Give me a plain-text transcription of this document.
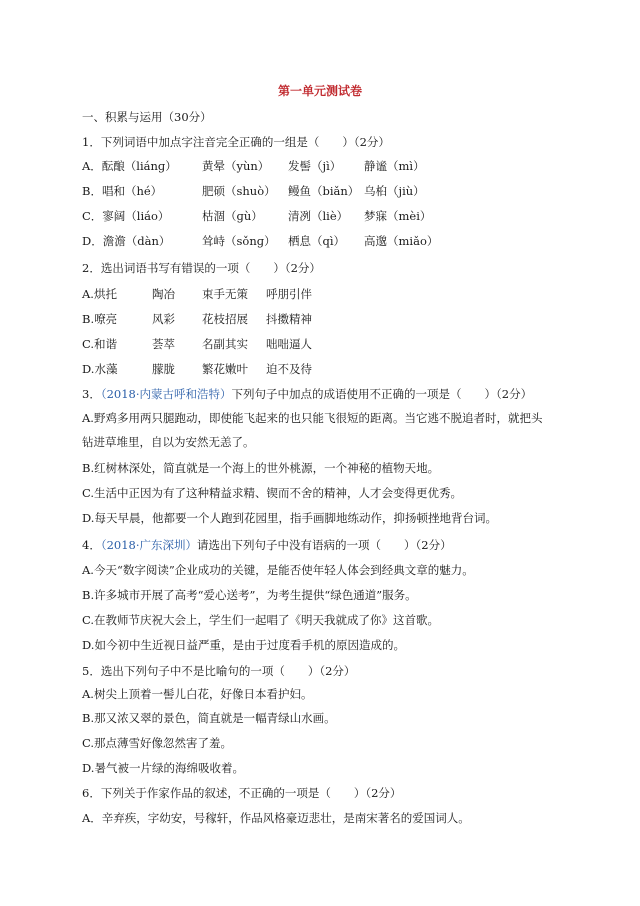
第一单元测试卷
一、积累与运用（30分）
1．下列词语中加点字注音完全正确的一组是（　　）（2分）
A．酝酿（liánɡ） 黄晕（yùn） 发髻（jì） 静谧（mì）
B．唱和（hé）	肥硕（shuò） 鳗鱼（biǎn） 乌桕（jiù）
C．寥阔（liáo）	枯涸（ɡù） 清冽（liè） 梦寐（mèi）
D．澹澹（dàn）	耸峙（sǒnɡ） 栖息（qì） 高邈（miǎo）
2．选出词语书写有错误的一项（　　）（2分）
A.烘托	陶冶 束手无策 呼朋引伴
B.嘹亮	风彩 花枝招展 抖擞精神
C.和谐	荟萃 名副其实 咄咄逼人
D.水藻	朦胧 繁花嫩叶 迫不及待
3．（2018·内蒙古呼和浩特）下列句子中加点的成语使用不正确的一项是（　　）（2分）
A.野鸡多用两只腿跑动，即使能飞起来的也只能飞很短的距离。当它逃不脱追者时，就把头
钻进草堆里，自以为安然无恙了。
B.红树林深处，简直就是一个海上的世外桃源，一个神秘的植物天地。
C.生活中正因为有了这种精益求精、锲而不舍的精神，人才会变得更优秀。
D.每天早晨，他都要一个人跑到花园里，指手画脚地练动作，抑扬顿挫地背台词。
4．（2018·广东深圳）请选出下列句子中没有语病的一项（　　）（2分）
A.今天“数字阅读”企业成功的关键，是能否使年轻人体会到经典文章的魅力。
B.许多城市开展了高考“爱心送考”，为考生提供“绿色通道”服务。
C.在教师节庆祝大会上，学生们一起唱了《明天我就成了你》这首歌。
D.如今初中生近视日益严重，是由于过度看手机的原因造成的。
5．选出下列句子中不是比喻句的一项（　　）（2分）
A.树尖上顶着一髻儿白花，好像日本看护妇。
B.那又浓又翠的景色，简直就是一幅青绿山水画。
C.那点薄雪好像忽然害了羞。
D.暑气被一片绿的海绵吸收着。
6．下列关于作家作品的叙述，不正确的一项是（　　）（2分）
A．辛弃疾，字幼安，号稼轩，作品风格豪迈悲壮，是南宋著名的爱国词人。
